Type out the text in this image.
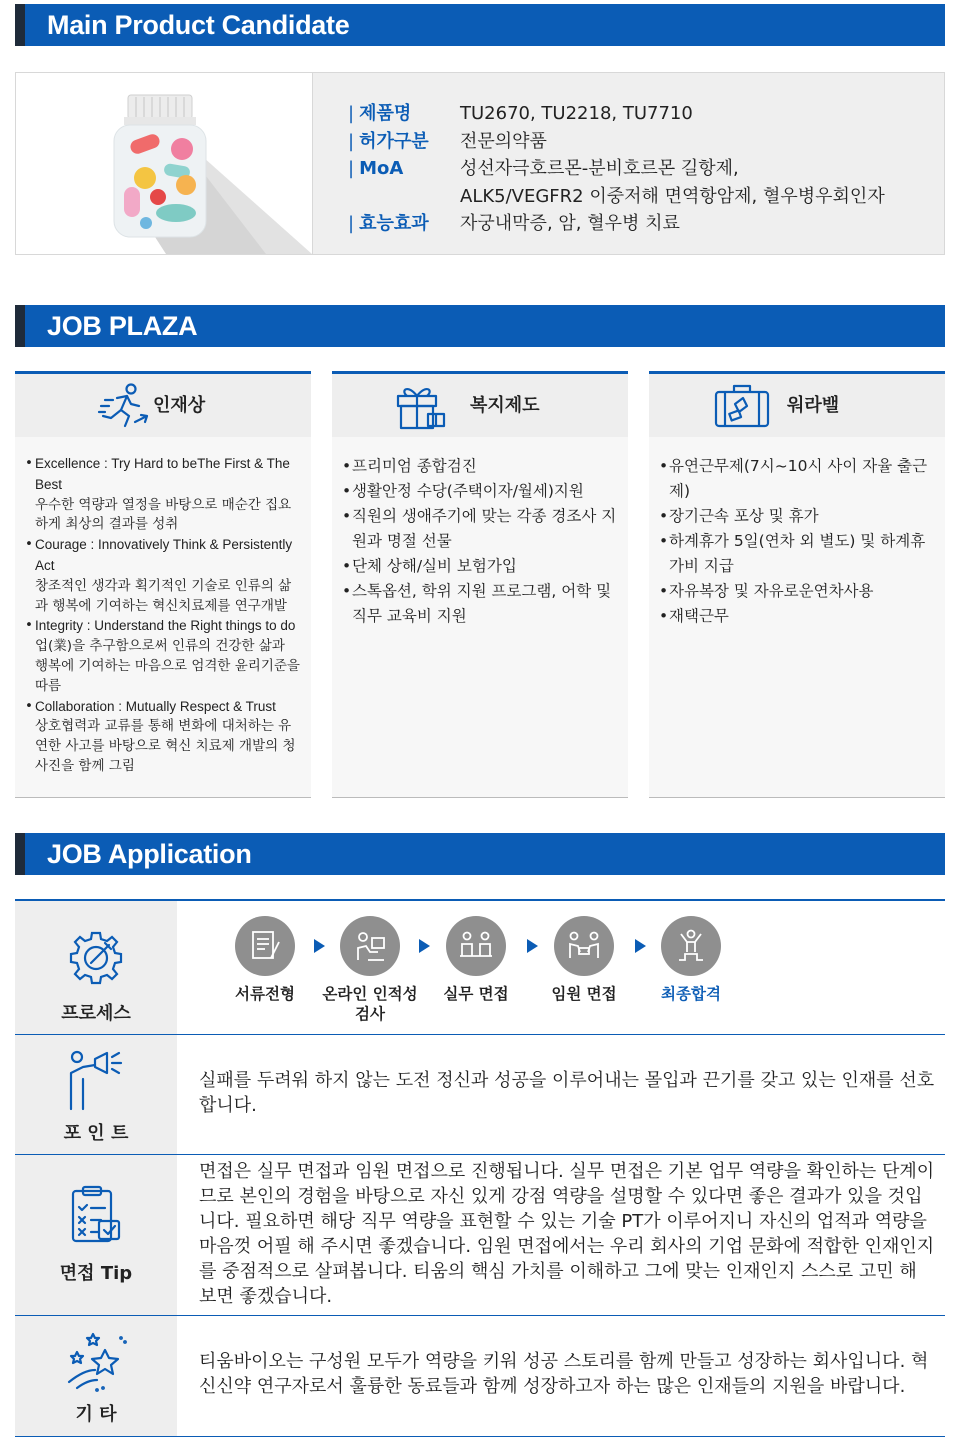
Main Product Candidate
| 제품명	TU2670, TU2218, TU7710
| 허가구분	전문의약품
| MoA	성선자극호르몬-분비호르몬 길항제,
ALK5/VEGFR2 이중저해 면역항암제, 혈우병우회인자
| 효능효과	자궁내막증, 암, 혈우병 치료
JOB PLAZA
인재상
• Excellence : Try Hard to beThe First & The Best
우수한 역량과 열정을 바탕으로 매순간 집요하게 최상의 결과를 성취
• Courage : Innovatively Think & Persistently Act
창조적인 생각과 획기적인 기술로 인류의 삶과 행복에 기여하는 혁신치료제를 연구개발
• Integrity : Understand the Right things to do
업(業)을 추구함으로써 인류의 건강한 삶과 행복에 기여하는 마음으로 엄격한 윤리기준을 따름
• Collaboration : Mutually Respect & Trust
상호협력과 교류를 통해 변화에 대처하는 유연한 사고를 바탕으로 혁신 치료제 개발의 청사진을 함께 그림
복지제도
• 프리미엄 종합검진
• 생활안정 수당(주택이자/월세)지원
• 직원의 생애주기에 맞는 각종 경조사 지원과 명절 선물
• 단체 상해/실비 보험가입
• 스톡옵션, 학위 지원 프로그램, 어학 및 직무 교육비 지원
워라밸
• 유연근무제(7시~10시 사이 자율 출근제)
• 장기근속 포상 및 휴가
• 하계휴가 5일(연차 외 별도) 및 하계휴가비 지급
• 자유복장 및 자유로운연차사용
• 재택근무
JOB Application
프로세스
서류전형	온라인 인적성검사
실무 면접	임원 면접	최종합격
포 인 트
실패를 두려워 하지 않는 도전 정신과 성공을 이루어내는 몰입과 끈기를 갖고 있는 인재를 선호합니다.
면접 Tip
면접은 실무 면접과 임원 면접으로 진행됩니다. 실무 면접은 기본 업무 역량을 확인하는 단계이므로 본인의 경험을 바탕으로 자신 있게 강점 역량을 설명할 수 있다면 좋은 결과가 있을 것입니다. 필요하면 해당 직무 역량을 표현할 수 있는 기술 PT가 이루어지니 자신의 업적과 역량을 마음껏 어필 해 주시면 좋겠습니다. 임원 면접에서는 우리 회사의 기업 문화에 적합한 인재인지를 중점적으로 살펴봅니다. 티움의 핵심 가치를 이해하고 그에 맞는 인재인지 스스로 고민 해 보면 좋겠습니다.
기 타
티움바이오는 구성원 모두가 역량을 키워 성공 스토리를 함께 만들고 성장하는 회사입니다. 혁신신약 연구자로서 훌륭한 동료들과 함께 성장하고자 하는 많은 인재들의 지원을 바랍니다.
